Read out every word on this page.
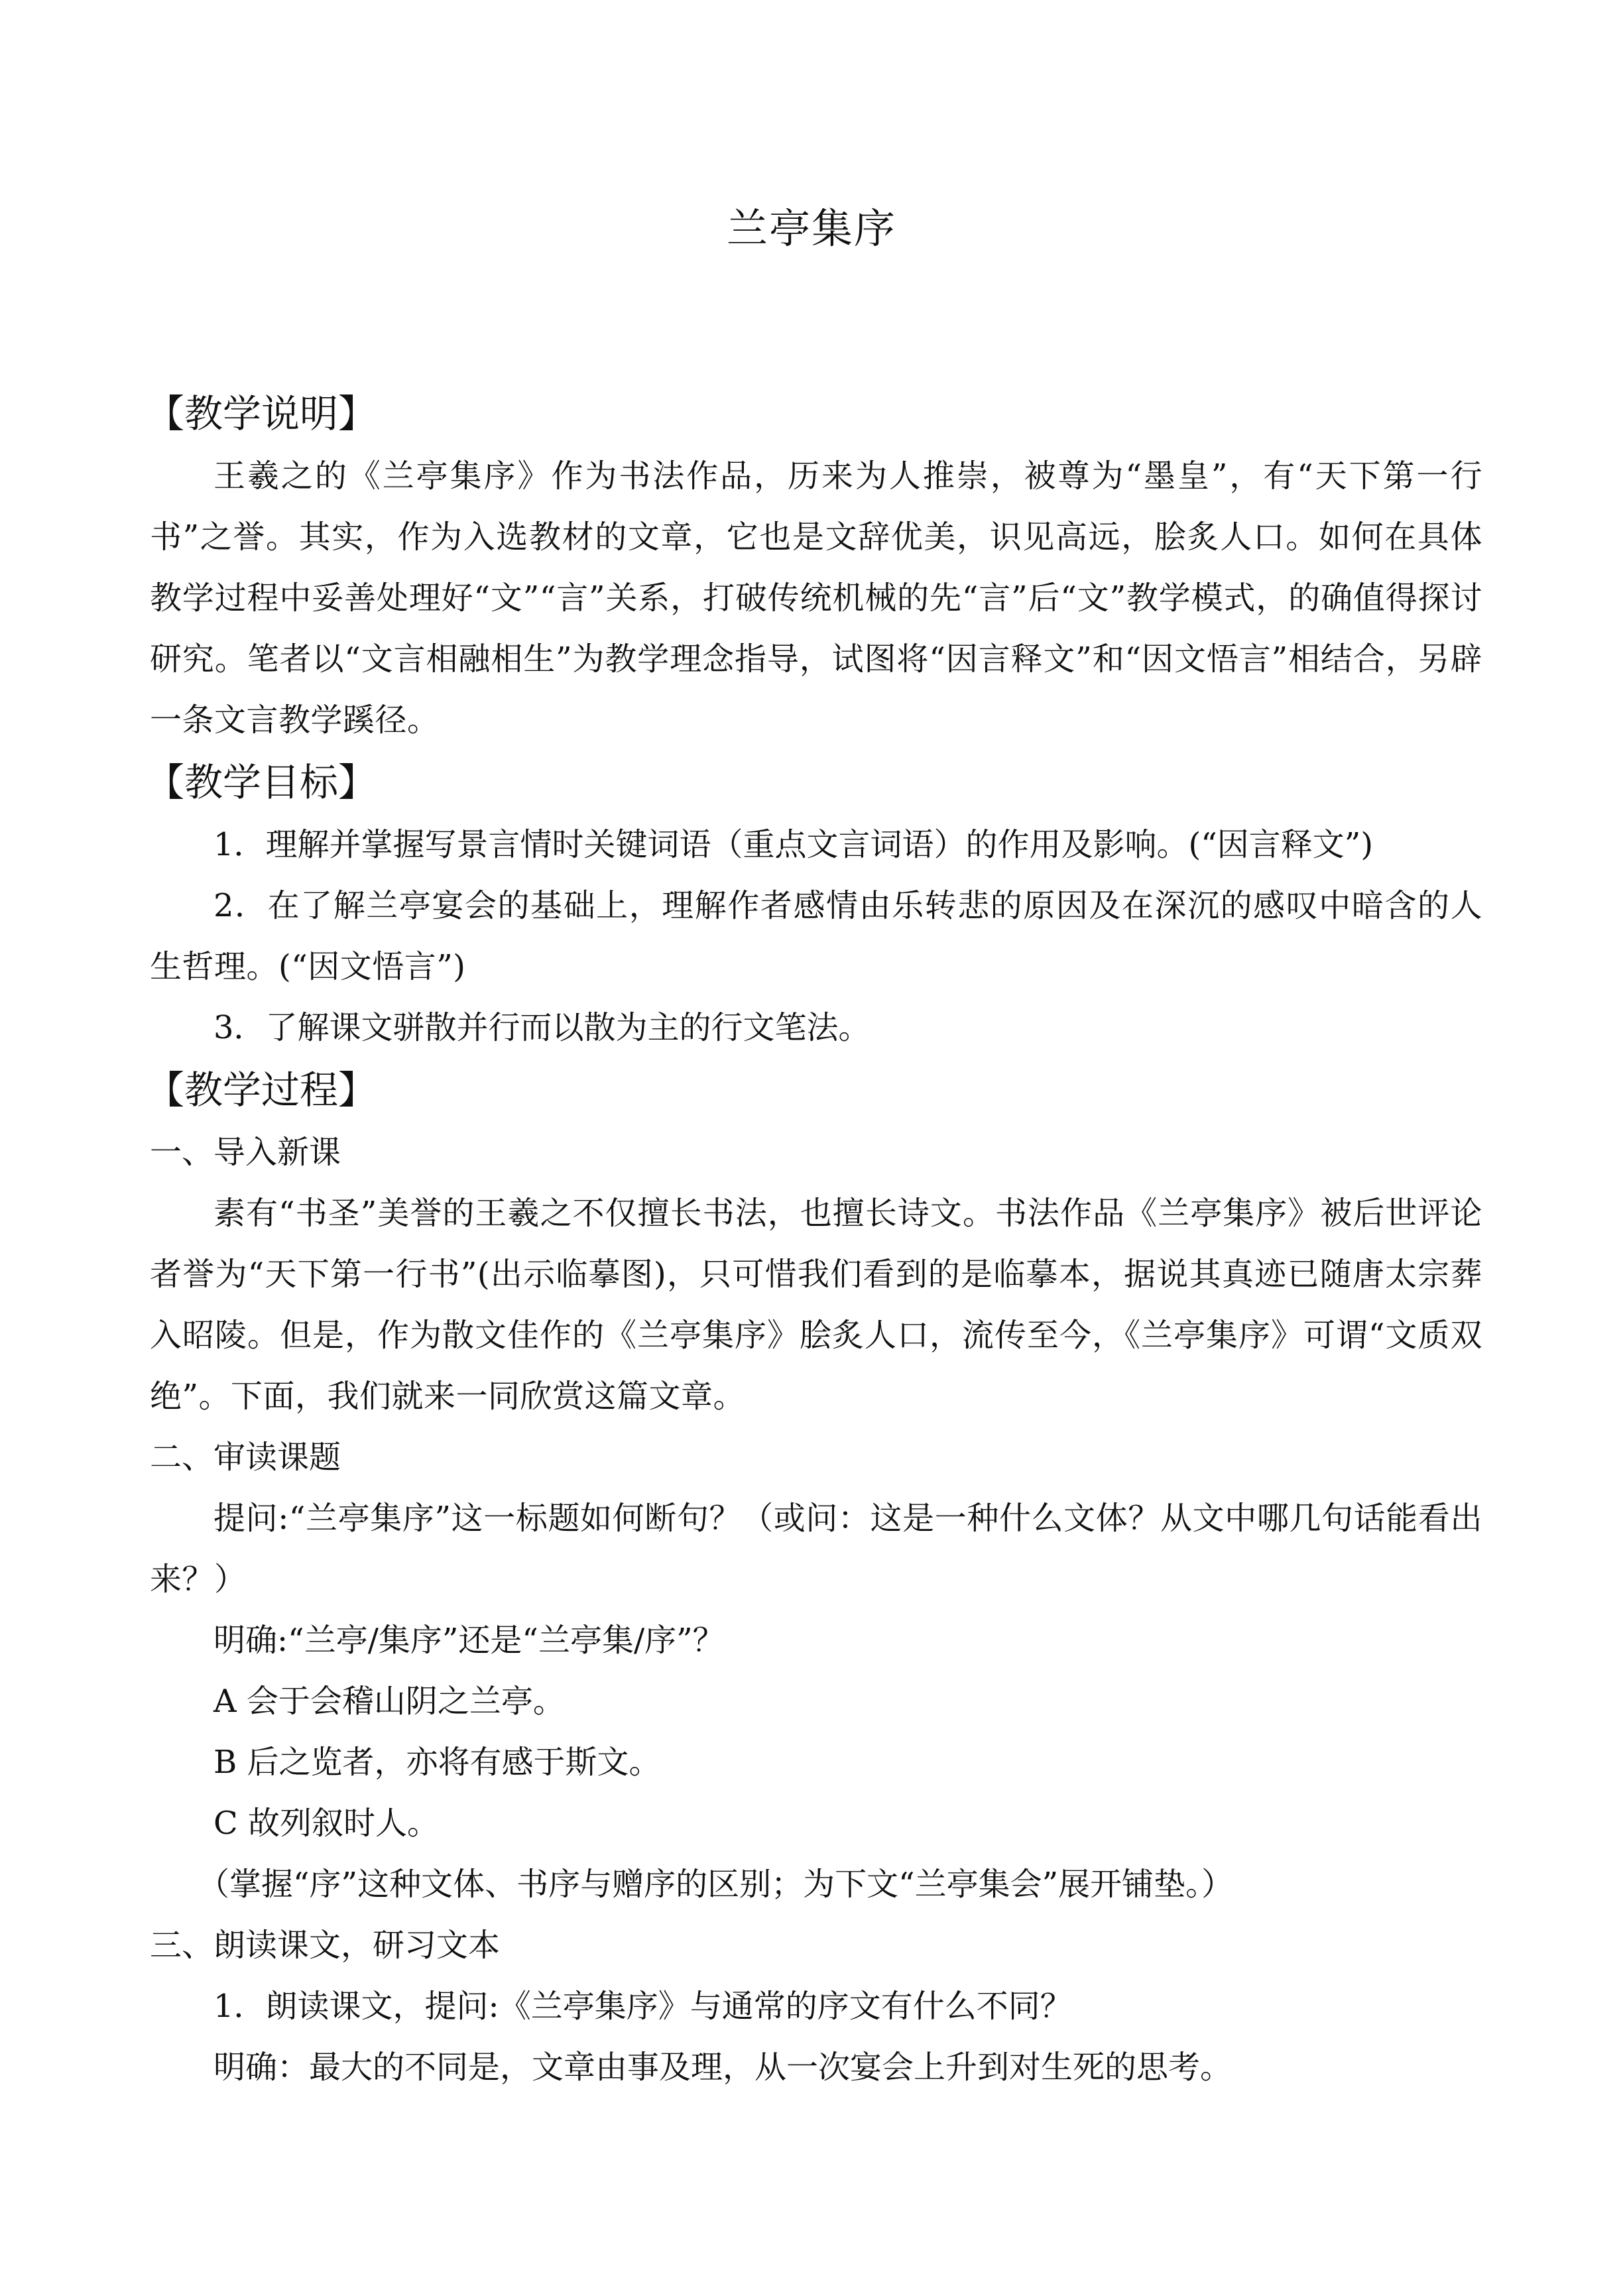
兰亭集序
【教学说明】

王羲之的《兰亭集序》作为书法作品，历来为人推崇，被尊为“墨皇”，有“天下第一行书”之誉。其实，作为入选教材的文章，它也是文辞优美，识见高远，脍炙人口。如何在具体教学过程中妥善处理好“文”“言”关系，打破传统机械的先“言”后“文”教学模式，的确值得探讨研究。笔者以“文言相融相生”为教学理念指导，试图将“因言释文”和“因文悟言”相结合，另辟一条文言教学蹊径。

【教学目标】

1．理解并掌握写景言情时关键词语（重点文言词语）的作用及影响。(“因言释文”)

2．在了解兰亭宴会的基础上，理解作者感情由乐转悲的原因及在深沉的感叹中暗含的人生哲理。(“因文悟言”)

3．了解课文骈散并行而以散为主的行文笔法。

【教学过程】

一、导入新课

素有“书圣”美誉的王羲之不仅擅长书法，也擅长诗文。书法作品《兰亭集序》被后世评论者誉为“天下第一行书”(出示临摹图)，只可惜我们看到的是临摹本，据说其真迹已随唐太宗葬入昭陵。但是，作为散文佳作的《兰亭集序》脍炙人口，流传至今，《兰亭集序》可谓“文质双绝”。下面，我们就来一同欣赏这篇文章。

二、审读课题

提问:“兰亭集序”这一标题如何断句？（或问：这是一种什么文体？从文中哪几句话能看出来？）

明确:“兰亭/集序”还是“兰亭集/序”？

A 会于会稽山阴之兰亭。

B 后之览者，亦将有感于斯文。

C 故列叙时人。

（掌握“序”这种文体、书序与赠序的区别；为下文“兰亭集会”展开铺垫。）

三、朗读课文，研习文本

1．朗读课文，提问:《兰亭集序》与通常的序文有什么不同？

明确：最大的不同是，文章由事及理，从一次宴会上升到对生死的思考。
